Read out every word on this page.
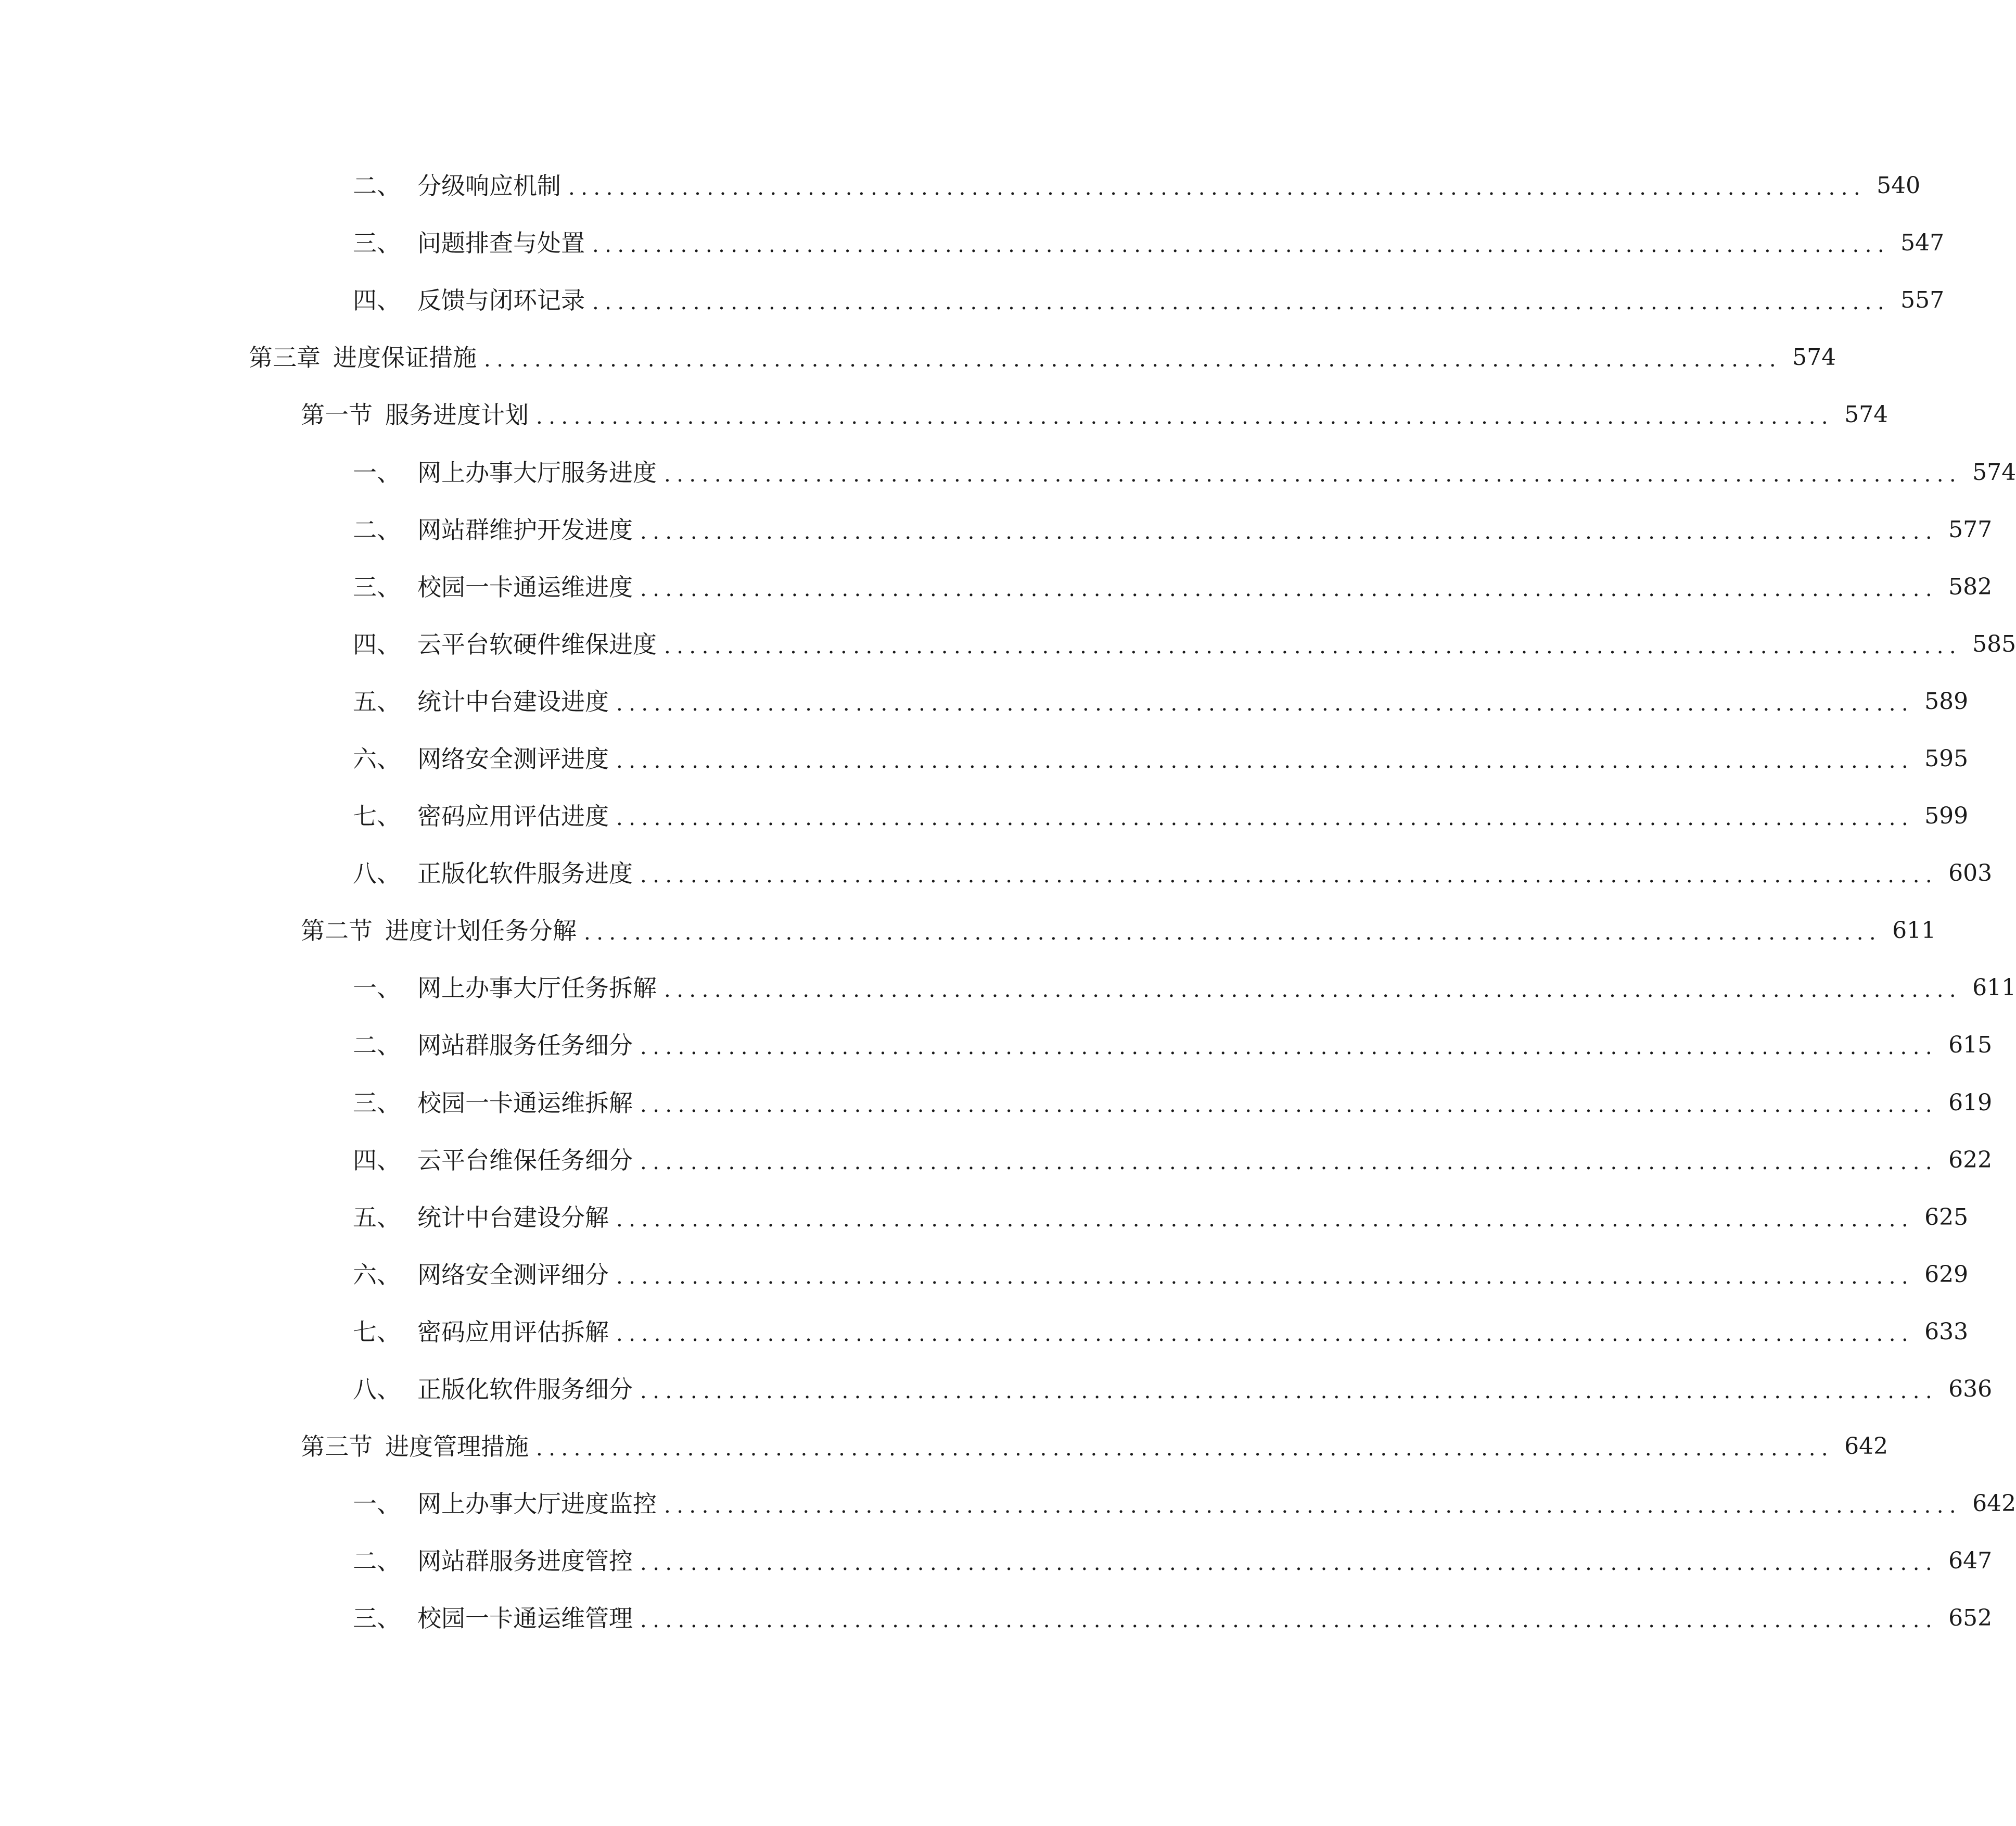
二、 分级响应机制 ....................................................................................................... 540
三、 问题排查与处置 ....................................................................................................... 547
四、 反馈与闭环记录 ....................................................................................................... 557
第三章 进度保证措施 ....................................................................................................... 574
第一节 服务进度计划 ....................................................................................................... 574
一、 网上办事大厅服务进度 ....................................................................................................... 574
二、 网站群维护开发进度 ....................................................................................................... 577
三、 校园一卡通运维进度 ....................................................................................................... 582
四、 云平台软硬件维保进度 ....................................................................................................... 585
五、 统计中台建设进度 ....................................................................................................... 589
六、 网络安全测评进度 ....................................................................................................... 595
七、 密码应用评估进度 ....................................................................................................... 599
八、 正版化软件服务进度 ....................................................................................................... 603
第二节 进度计划任务分解 ....................................................................................................... 611
一、 网上办事大厅任务拆解 ....................................................................................................... 611
二、 网站群服务任务细分 ....................................................................................................... 615
三、 校园一卡通运维拆解 ....................................................................................................... 619
四、 云平台维保任务细分 ....................................................................................................... 622
五、 统计中台建设分解 ....................................................................................................... 625
六、 网络安全测评细分 ....................................................................................................... 629
七、 密码应用评估拆解 ....................................................................................................... 633
八、 正版化软件服务细分 ....................................................................................................... 636
第三节 进度管理措施 ....................................................................................................... 642
一、 网上办事大厅进度监控 ....................................................................................................... 642
二、 网站群服务进度管控 ....................................................................................................... 647
三、 校园一卡通运维管理 ....................................................................................................... 652
